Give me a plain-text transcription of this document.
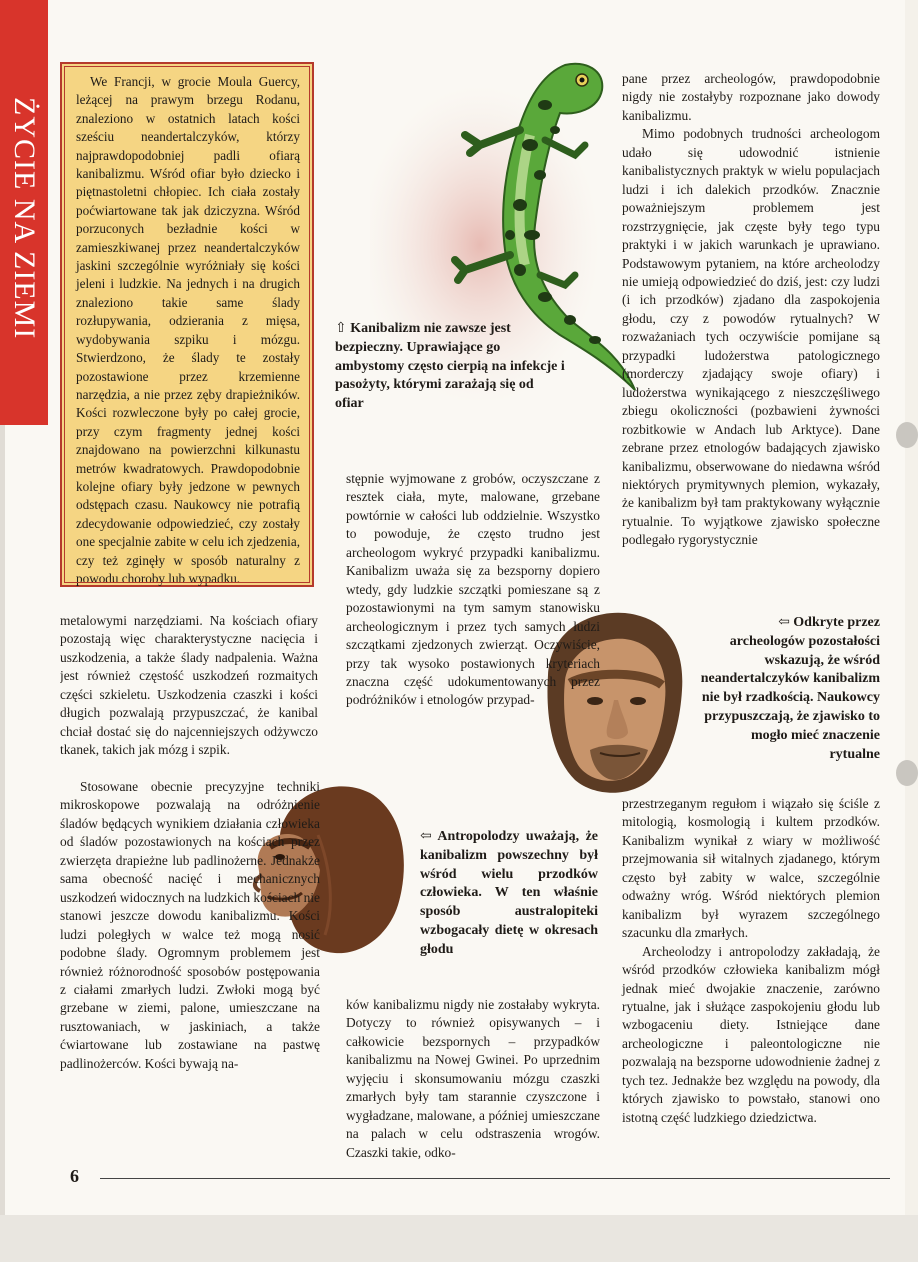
ŻYCIE NA ZIEMI

We Francji, w grocie Moula Guercy, leżącej na prawym brzegu Rodanu, znaleziono w ostatnich latach kości sześciu neandertalczyków, którzy najprawdopodobniej padli ofiarą kanibalizmu. Wśród ofiar było dziecko i piętnastoletni chłopiec. Ich ciała zostały poćwiartowane tak jak dziczyzna. Wśród porzuconych bezładnie kości w zamieszkiwanej przez neandertalczyków jaskini szczególnie wyróżniały się kości jeleni i ludzkie. Na jednych i na drugich znaleziono takie same ślady rozłupywania, odzierania z mięsa, wydobywania szpiku i mózgu. Stwierdzono, że ślady te zostały pozostawione przez krzemienne narzędzia, a nie przez zęby drapieżników. Kości rozwleczone były po całej grocie, przy czym fragmenty jednej kości znajdowano na powierzchni kilkunastu metrów kwadratowych. Prawdopodobnie kolejne ofiary były jedzone w pewnych odstępach czasu. Naukowcy nie potrafią zdecydowanie odpowiedzieć, czy zostały one specjalnie zabite w celu ich zjedzenia, czy też zginęły w sposób naturalny z powodu choroby lub wypadku.

⇧ Kanibalizm nie zawsze jest bezpieczny. Uprawiające go ambystomy często cierpią na infekcje i pasożyty, którymi zarażają się od ofiar
⇦ Odkryte przez archeologów pozostałości wskazują, że wśród neandertalczyków kanibalizm nie był rzadkością. Naukowcy przypuszczają, że zjawisko to mogło mieć znaczenie rytualne
⇦ Antropolodzy uważają, że kanibalizm powszechny był wśród wielu przodków człowieka. W ten właśnie sposób australopiteki wzbogacały dietę w okresach głodu

metalowymi narzędziami. Na kościach ofiary pozostają więc charakterystyczne nacięcia i uszkodzenia, a także ślady nadpalenia. Ważna jest również częstość uszkodzeń rozmaitych części szkieletu. Uszkodzenia czaszki i kości długich pozwalają przypuszczać, że kanibal chciał dostać się do najcenniejszych odżywczo tkanek, takich jak mózg i szpik.

Stosowane obecnie precyzyjne techniki mikroskopowe pozwalają na odróżnienie śladów będących wynikiem działania człowieka od śladów pozostawionych na kościach przez zwierzęta drapieżne lub padlinożerne. Jednakże sama obecność nacięć i mechanicznych uszkodzeń widocznych na ludzkich kościach nie stanowi jeszcze dowodu kanibalizmu. Kości ludzi poległych w walce też mogą nosić podobne ślady. Ogromnym problemem jest również różnorodność sposobów postępowania z ciałami zmarłych ludzi. Zwłoki mogą być grzebane w ziemi, palone, umieszczane na rusztowaniach, w jaskiniach, a także ćwiartowane lub zostawiane na pastwę padlinożerców. Kości bywają na-

stępnie wyjmowane z grobów, oczyszczane z resztek ciała, myte, malowane, grzebane powtórnie w całości lub oddzielnie. Wszystko to powoduje, że często trudno jest archeologom wykryć przypadki kanibalizmu. Kanibalizm uważa się za bezsporny dopiero wtedy, gdy ludzkie szczątki pomieszane są z pozostawionymi na tym samym stanowisku archeologicznym i przez tych samych ludzi szczątkami zjedzonych zwierząt. Oczywiście, przy tak wysoko postawionych kryteriach znaczna część udokumentowanych przez podróżników i etnologów przypad-

ków kanibalizmu nigdy nie zostałaby wykryta. Dotyczy to również opisywanych – i całkowicie bezspornych – przypadków kanibalizmu na Nowej Gwinei. Po uprzednim wyjęciu i skonsumowaniu mózgu czaszki zmarłych były tam starannie czyszczone i wygładzane, malowane, a później umieszczane na palach w celu odstraszenia wrogów. Czaszki takie, odko-

pane przez archeologów, prawdopodobnie nigdy nie zostałyby rozpoznane jako dowody kanibalizmu.

Mimo podobnych trudności archeologom udało się udowodnić istnienie kanibalistycznych praktyk w wielu populacjach ludzi i ich dalekich przodków. Znacznie poważniejszym problemem jest rozstrzygnięcie, jak częste były tego typu praktyki i w jakich warunkach je uprawiano. Podstawowym pytaniem, na które archeolodzy nie umieją odpowiedzieć do dziś, jest: czy ludzi (i ich przodków) zjadano dla zaspokojenia głodu, czy z powodów rytualnych? W rozważaniach tych oczywiście pomijane są przypadki ludożerstwa patologicznego (morderczy zjadający swoje ofiary) i ludożerstwa wynikającego z nieszczęśliwego zbiegu okoliczności (pozbawieni żywności rozbitkowie w Andach lub Arktyce). Dane zebrane przez etnologów badających zjawisko kanibalizmu, obserwowane do niedawna wśród niektórych prymitywnych plemion, wykazały, że kanibalizm był tam praktykowany wyłącznie rytualnie. To wyjątkowe zjawisko społeczne podlegało rygorystycznie

przestrzeganym regułom i wiązało się ściśle z mitologią, kosmologią i kultem przodków. Kanibalizm wynikał z wiary w możliwość przejmowania sił witalnych zjadanego, którym często był zabity w walce, szczególnie odważny wróg. Wśród niektórych plemion kanibalizm był wyrazem szczególnego szacunku dla zmarłych.

Archeolodzy i antropolodzy zakładają, że wśród przodków człowieka kanibalizm mógł jednak mieć dwojakie znaczenie, zarówno rytualne, jak i służące zaspokojeniu głodu lub wzbogaceniu diety. Istniejące dane archeologiczne i paleontologiczne nie pozwalają na bezsporne udowodnienie żadnej z tych tez. Jednakże bez względu na powody, dla których zjawisko to powstało, stanowi ono istotną część ludzkiego dziedzictwa.

6
